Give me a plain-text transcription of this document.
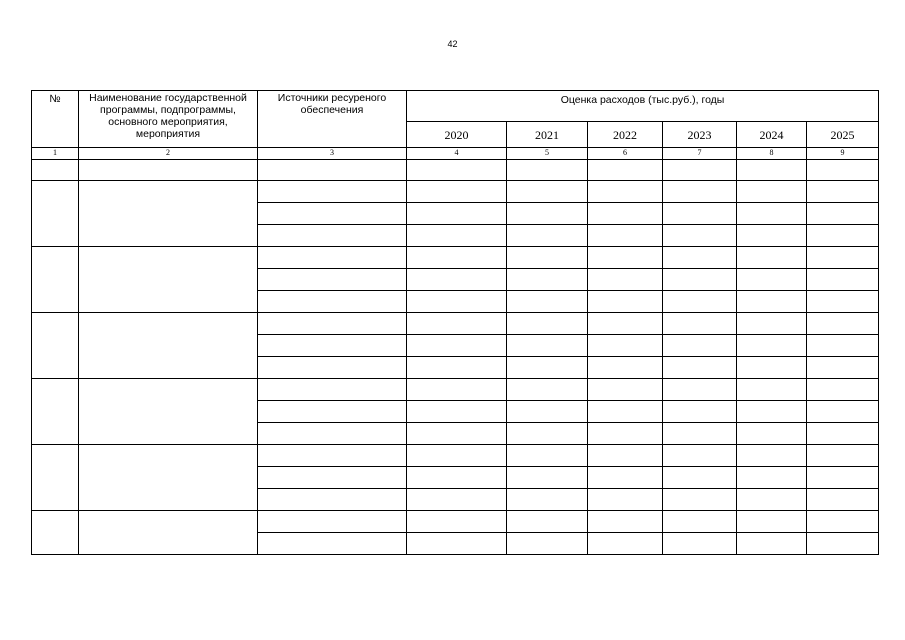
42
№	Наименование государственной программы, подпрограммы, основного мероприятия, мероприятия	Источники ресуреного обеспечения	Оценка расходов (тыс.руб.), годы					
			2020	2021	2022	2023	2024	2025
1	2	3	4	5	6	7	8	9
